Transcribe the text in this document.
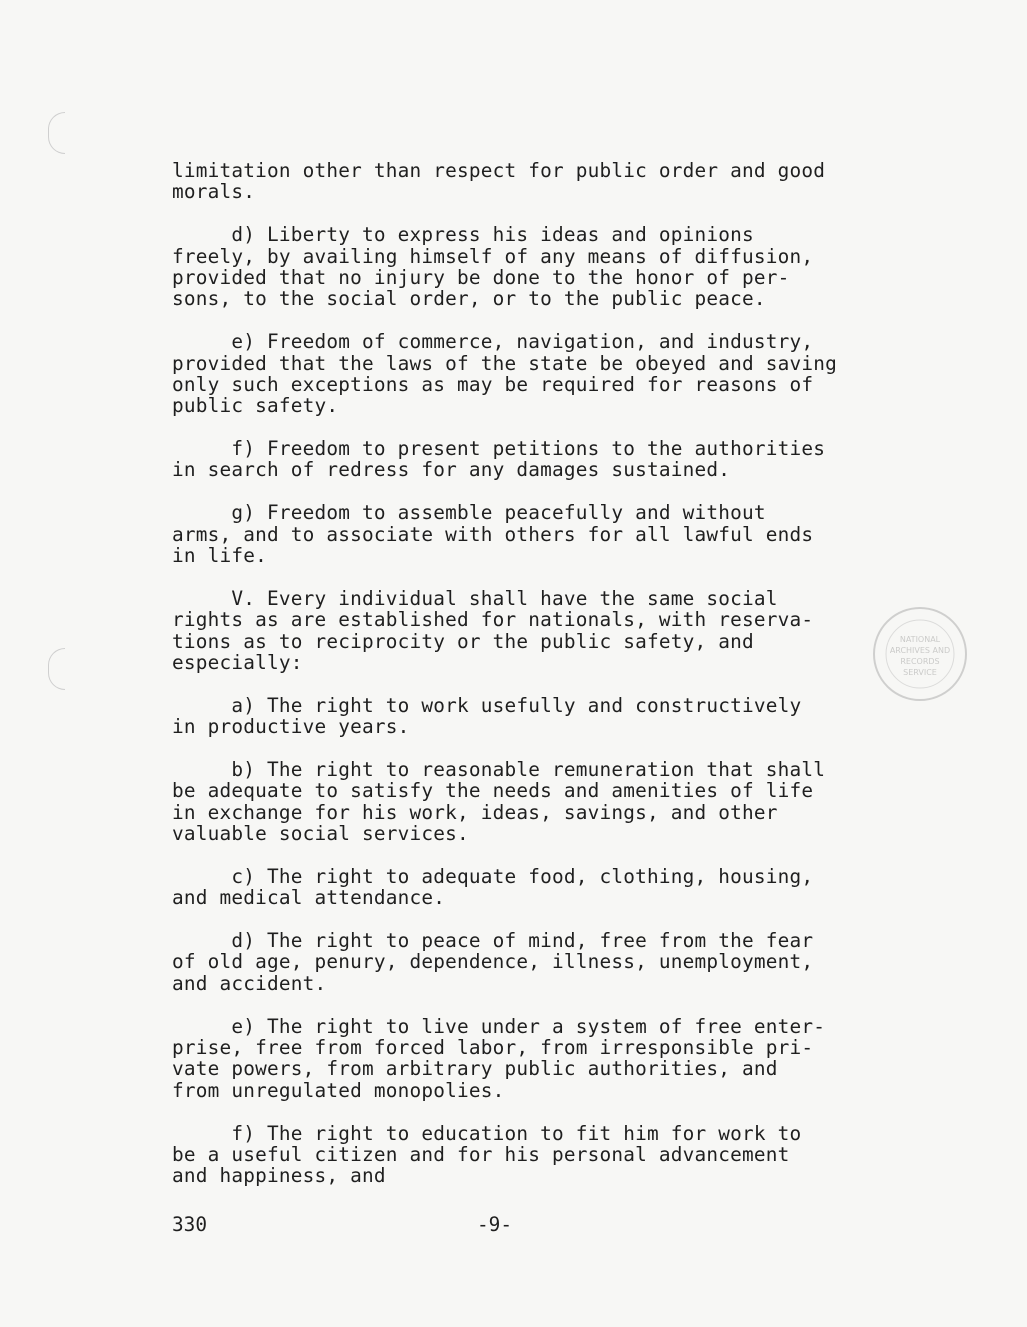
limitation other than respect for public order and good
morals.
d) Liberty to express his ideas and opinions
freely, by availing himself of any means of diffusion,
provided that no injury be done to the honor of per-
sons, to the social order, or to the public peace.
e) Freedom of commerce, navigation, and industry,
provided that the laws of the state be obeyed and saving
only such exceptions as may be required for reasons of
public safety.
f) Freedom to present petitions to the authorities
in search of redress for any damages sustained.
g) Freedom to assemble peacefully and without
arms, and to associate with others for all lawful ends
in life.
V. Every individual shall have the same social
rights as are established for nationals, with reserva-
tions as to reciprocity or the public safety, and
especially:
a) The right to work usefully and constructively
in productive years.
b) The right to reasonable remuneration that shall
be adequate to satisfy the needs and amenities of life
in exchange for his work, ideas, savings, and other
valuable social services.
c) The right to adequate food, clothing, housing,
and medical attendance.
d) The right to peace of mind, free from the fear
of old age, penury, dependence, illness, unemployment,
and accident.
e) The right to live under a system of free enter-
prise, free from forced labor, from irresponsible pri-
vate powers, from arbitrary public authorities, and
from unregulated monopolies.
f) The right to education to fit him for work to
be a useful citizen and for his personal advancement
and happiness, and
NATIONAL
ARCHIVES AND
RECORDS
SERVICE
330	-9-
